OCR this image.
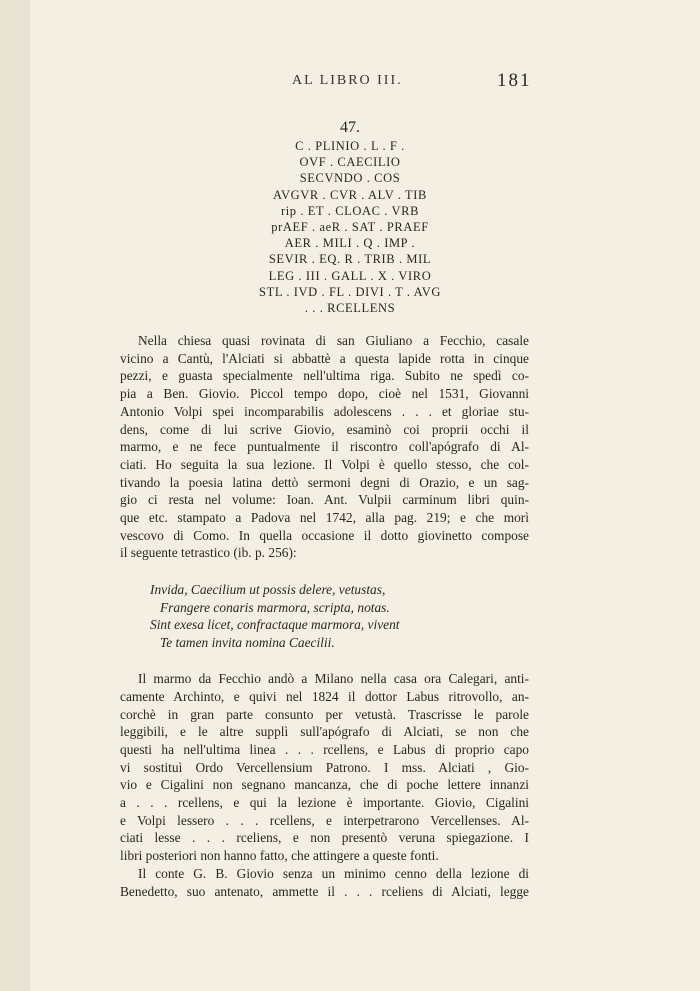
AL LIBRO III.	181
47.
C . PLINIO . L . F .
OVF . CAECILIO
SECVNDO . COS
AVGVR . CVR . ALV . TIB
rip . ET . CLOAC . VRB
prAEF . aeR . SAT . PRAEF
AER . MILI . Q . IMP .
SEVIR . EQ. R . TRIB . MIL
LEG . III . GALL . X . VIRO
STL . IVD . FL . DIVI . T . AVG
. . . RCELLENS
Nella chiesa quasi rovinata di san Giuliano a Fecchio, casale
vicino a Cantù, l'Alciati si abbattè a questa lapide rotta in cinque
pezzi, e guasta specialmente nell'ultima riga. Subito ne spedì co-
pia a Ben. Giovio. Piccol tempo dopo, cioè nel 1531, Giovanni
Antonio Volpi spei incomparabilis adolescens . . . et gloriae stu-
dens, come di lui scrive Giovio, esaminò coi proprii occhi il
marmo, e ne fece puntualmente il riscontro coll'apógrafo di Al-
ciati. Ho seguita la sua lezione. Il Volpi è quello stesso, che col-
tivando la poesia latina dettò sermoni degni di Orazio, e un sag-
gio ci resta nel volume: Ioan. Ant. Vulpii carminum libri quin-
que etc. stampato a Padova nel 1742, alla pag. 219; e che morì
vescovo di Como. In quella occasione il dotto giovinetto compose
il seguente tetrastico (ib. p. 256):
Invida, Caecilium ut possis delere, vetustas,
Frangere conaris marmora, scripta, notas.
Sint exesa licet, confractaque marmora, vivent
Te tamen invita nomina Caecilii.
Il marmo da Fecchio andò a Milano nella casa ora Calegari, anti-
camente Archinto, e quivi nel 1824 il dottor Labus ritrovollo, an-
corchè in gran parte consunto per vetustà. Trascrisse le parole
leggibili, e le altre supplì sull'apógrafo di Alciati, se non che
questi ha nell'ultima linea . . . rcellens, e Labus di proprio capo
vi sostituì Ordo Vercellensium Patrono. I mss. Alciati , Gio-
vio e Cigalini non segnano mancanza, che di poche lettere innanzi
a . . . rcellens, e qui la lezione è importante. Giovio, Cigalini
e Volpi lessero . . . rcellens, e interpetrarono Vercellenses. Al-
ciati lesse . . . rceliens, e non presentò veruna spiegazione. I
libri posteriori non hanno fatto, che attingere a queste fonti.
Il conte G. B. Giovio senza un minimo cenno della lezione di
Benedetto, suo antenato, ammette il . . . rceliens di Alciati, legge
